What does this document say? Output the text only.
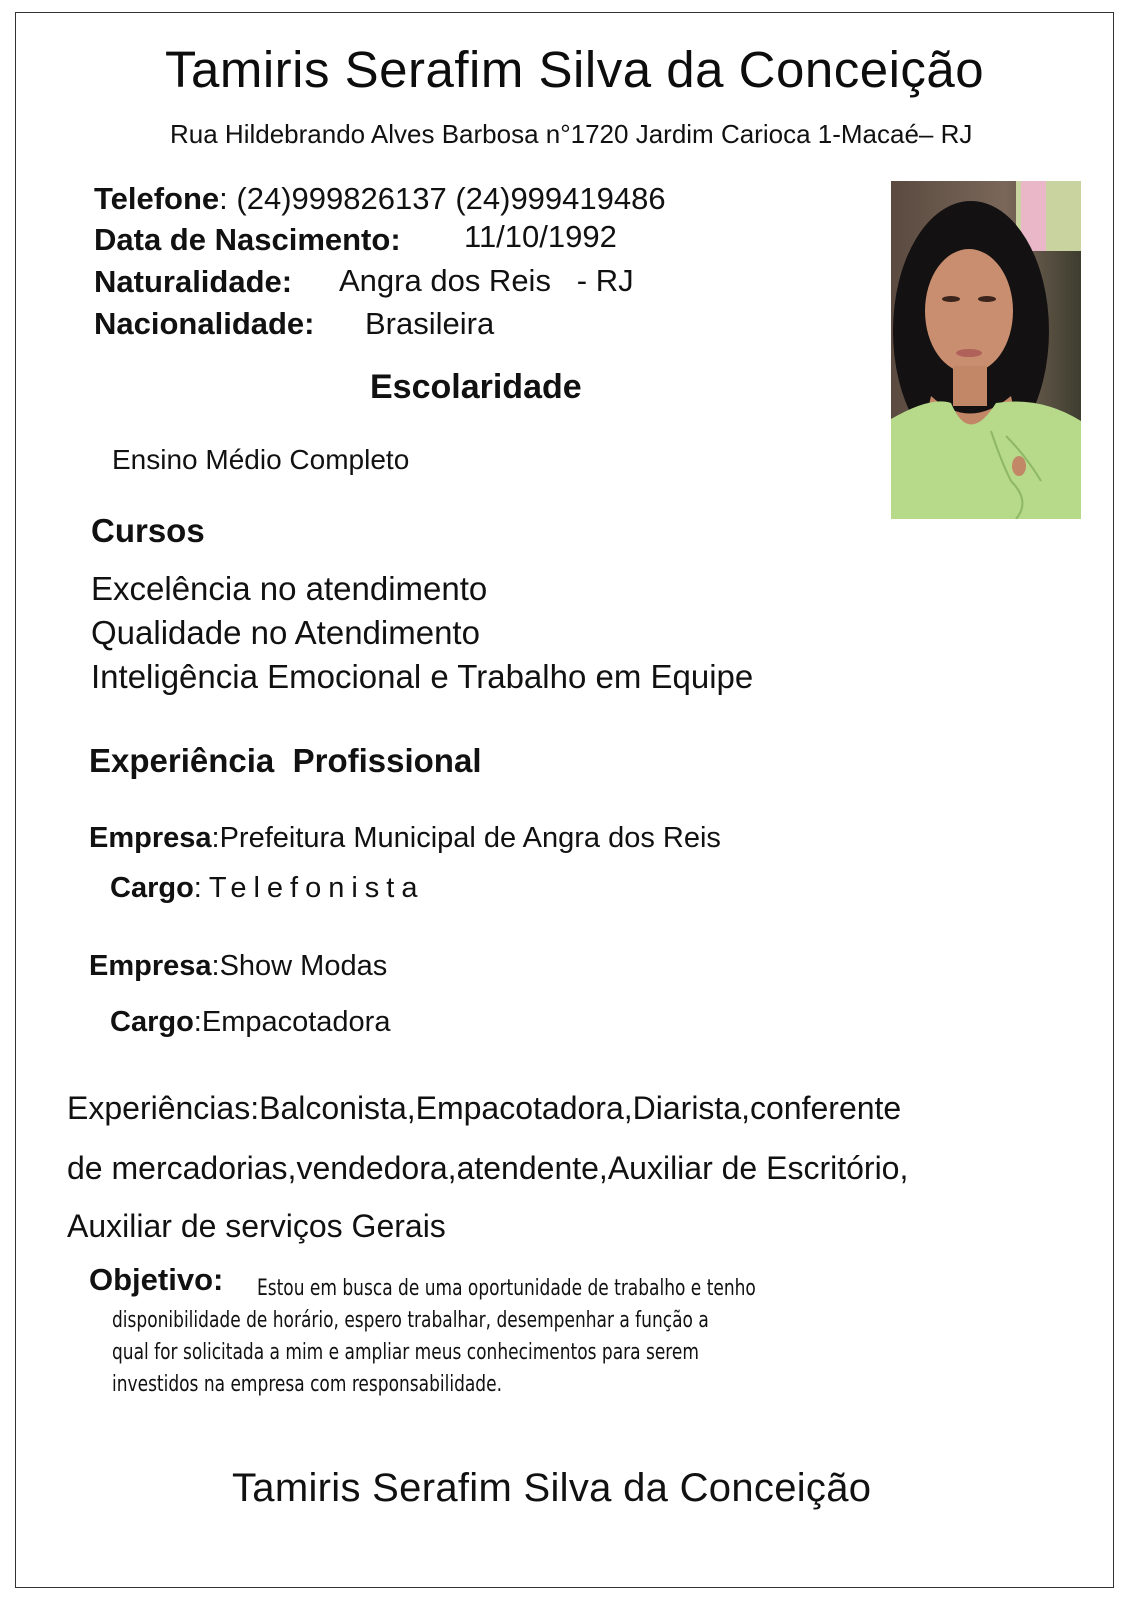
Tamiris Serafim Silva da Conceição
Rua Hildebrando Alves Barbosa n°1720 Jardim Carioca 1-Macaé– RJ
Telefone: (24)999826137 (24)999419486
Data de Nascimento: 11/10/1992
Naturalidade: Angra dos Reis   - RJ
Nacionalidade: Brasileira
Escolaridade
Ensino Médio Completo
Cursos
Excelência no atendimento
Qualidade no Atendimento
Inteligência Emocional e Trabalho em Equipe
Experiência  Profissional
Empresa:Prefeitura Municipal de Angra dos Reis
Cargo:Telefonista
Empresa:Show Modas
Cargo:Empacotadora
Experiências:Balconista,Empacotadora,Diarista,conferente
de mercadorias,vendedora,atendente,Auxiliar de Escritório,
Auxiliar de serviços Gerais
Objetivo: Estou em busca de uma oportunidade de trabalho e tenho
disponibilidade de horário, espero trabalhar, desempenhar a função a
qual for solicitada a mim e ampliar meus conhecimentos para serem
investidos na empresa com responsabilidade.
Tamiris Serafim Silva da Conceição
